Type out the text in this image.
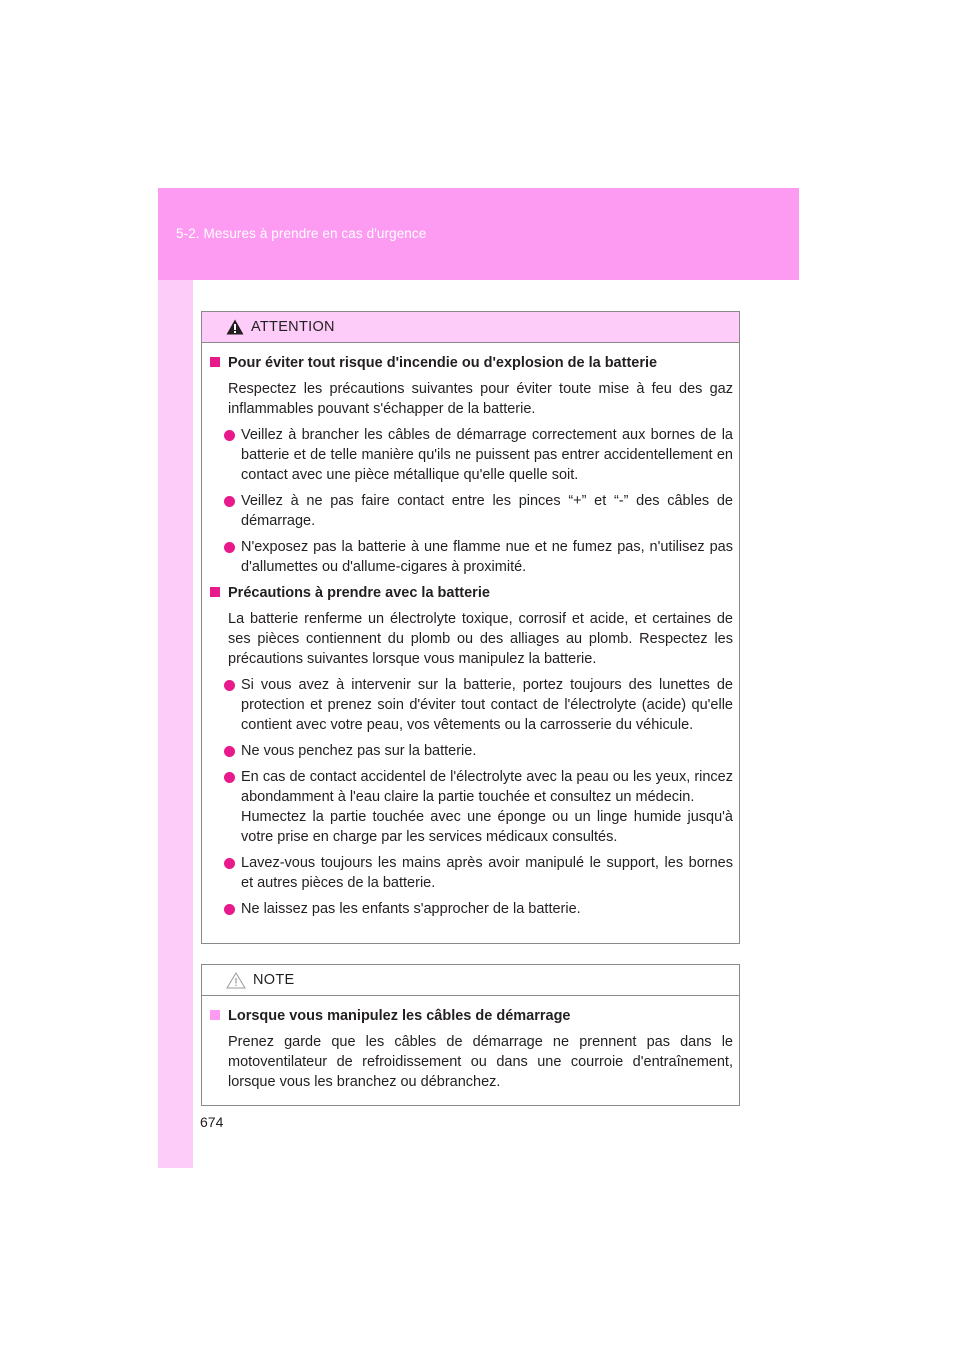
5-2. Mesures à prendre en cas d'urgence
ATTENTION
Pour éviter tout risque d'incendie ou d'explosion de la batterie
Respectez les précautions suivantes pour éviter toute mise à feu des gaz inflammables pouvant s'échapper de la batterie.
Veillez à brancher les câbles de démarrage correctement aux bornes de la batterie et de telle manière qu'ils ne puissent pas entrer accidentellement en contact avec une pièce métallique qu'elle quelle soit.
Veillez à ne pas faire contact entre les pinces “+” et “-” des câbles de démarrage.
N'exposez pas la batterie à une flamme nue et ne fumez pas, n'utilisez pas d'allumettes ou d'allume-cigares à proximité.
Précautions à prendre avec la batterie
La batterie renferme un électrolyte toxique, corrosif et acide, et certaines de ses pièces contiennent du plomb ou des alliages au plomb. Respectez les précautions suivantes lorsque vous manipulez la batterie.
Si vous avez à intervenir sur la batterie, portez toujours des lunettes de protection et prenez soin d'éviter tout contact de l'électrolyte (acide) qu'elle contient avec votre peau, vos vêtements ou la carrosserie du véhicule.
Ne vous penchez pas sur la batterie.
En cas de contact accidentel de l'électrolyte avec la peau ou les yeux, rincez abondamment à l'eau claire la partie touchée et consultez un médecin.
Humectez la partie touchée avec une éponge ou un linge humide jusqu'à votre prise en charge par les services médicaux consultés.
Lavez-vous toujours les mains après avoir manipulé le support, les bornes et autres pièces de la batterie.
Ne laissez pas les enfants s'approcher de la batterie.
NOTE
Lorsque vous manipulez les câbles de démarrage
Prenez garde que les câbles de démarrage ne prennent pas dans le motoventilateur de refroidissement ou dans une courroie d'entraînement, lorsque vous les branchez ou débranchez.
674
